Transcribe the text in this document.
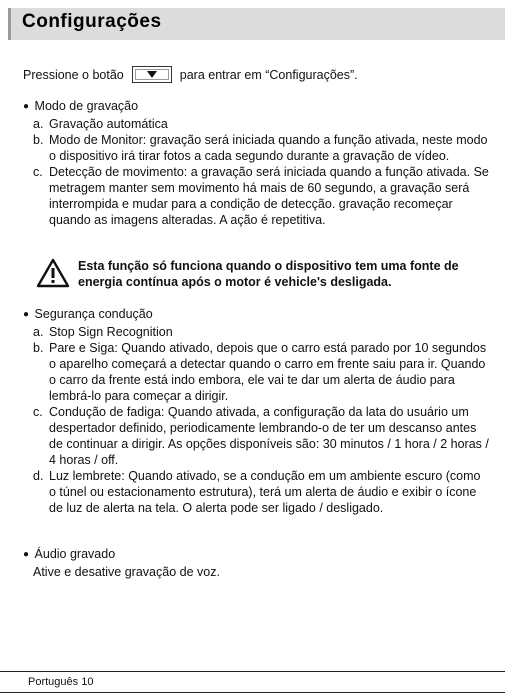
Configurações
Pressione o botão	para entrar em “Configurações”.

● Modo de gravação

a. Gravação automática
b. Modo de Monitor: gravação será iniciada quando a função ativada, neste modo o dispositivo irá tirar fotos a cada segundo durante a gravação de vídeo.
c. Detecção de movimento: a gravação será iniciada quando a função ativada. Se metragem manter sem movimento há mais de 60 segundo, a gravação será interrompida e mudar para a condição de detecção. gravação recomeçar quando as imagens alteradas. A ação é repetitiva.
Esta função só funciona quando o dispositivo tem uma fonte de energia contínua após o motor é vehicle's desligada.

● Segurança condução

a. Stop Sign Recognition
b. Pare e Siga: Quando ativado, depois que o carro está parado por 10 segundos o aparelho começará a detectar quando o carro em frente saiu para ir. Quando o carro da frente está indo embora, ele vai te dar um alerta de áudio para lembrá-lo para começar a dirigir.
c. Condução de fadiga: Quando ativada, a configuração da lata do usuário um despertador definido, periodicamente lembrando-o de ter um descanso antes de continuar a dirigir. As opções disponíveis são: 30 minutos / 1 hora / 2 horas / 4 horas / off.
d. Luz lembrete: Quando ativado, se a condução em um ambiente escuro (como o túnel ou estacionamento estrutura), terá um alerta de áudio e exibir o ícone de luz de alerta na tela. O alerta pode ser ligado / desligado.

● Áudio gravado

Ative e desative gravação de voz.

Português 10
